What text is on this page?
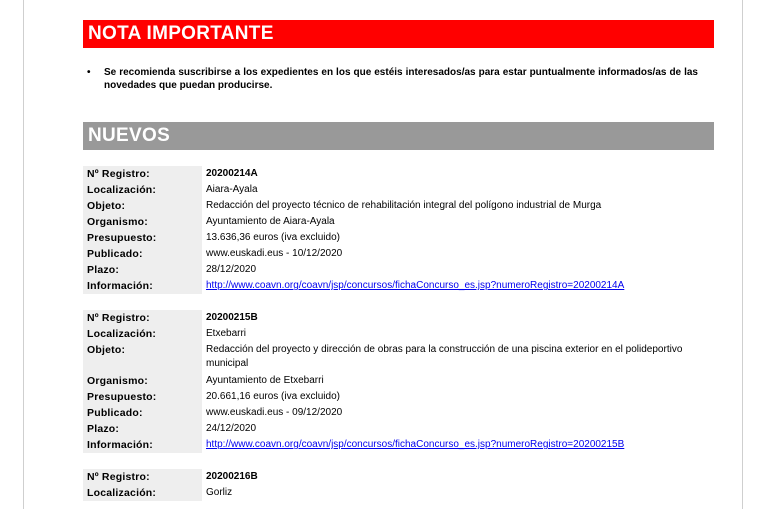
NOTA IMPORTANTE
• Se recomienda suscribirse a los expedientes en los que estéis interesados/as para estar puntualmente informados/as de las novedades que puedan producirse.
NUEVOS
Nº Registro:	20200214A
Localización:	Aiara-Ayala
Objeto:	Redacción del proyecto técnico de rehabilitación integral del polígono industrial de Murga
Organismo:	Ayuntamiento de Aiara-Ayala
Presupuesto:	13.636,36 euros (iva excluido)
Publicado:	www.euskadi.eus - 10/12/2020
Plazo:	28/12/2020
Información:	http://www.coavn.org/coavn/jsp/concursos/fichaConcurso_es.jsp?numeroRegistro=20200214A
Nº Registro:	20200215B
Localización:	Etxebarri
Objeto:	Redacción del proyecto y dirección de obras para la construcción de una piscina exterior en el polideportivo municipal
Organismo:	Ayuntamiento de Etxebarri
Presupuesto:	20.661,16 euros (iva excluido)
Publicado:	www.euskadi.eus - 09/12/2020
Plazo:	24/12/2020
Información:	http://www.coavn.org/coavn/jsp/concursos/fichaConcurso_es.jsp?numeroRegistro=20200215B
Nº Registro:	20200216B
Localización:	Gorliz
